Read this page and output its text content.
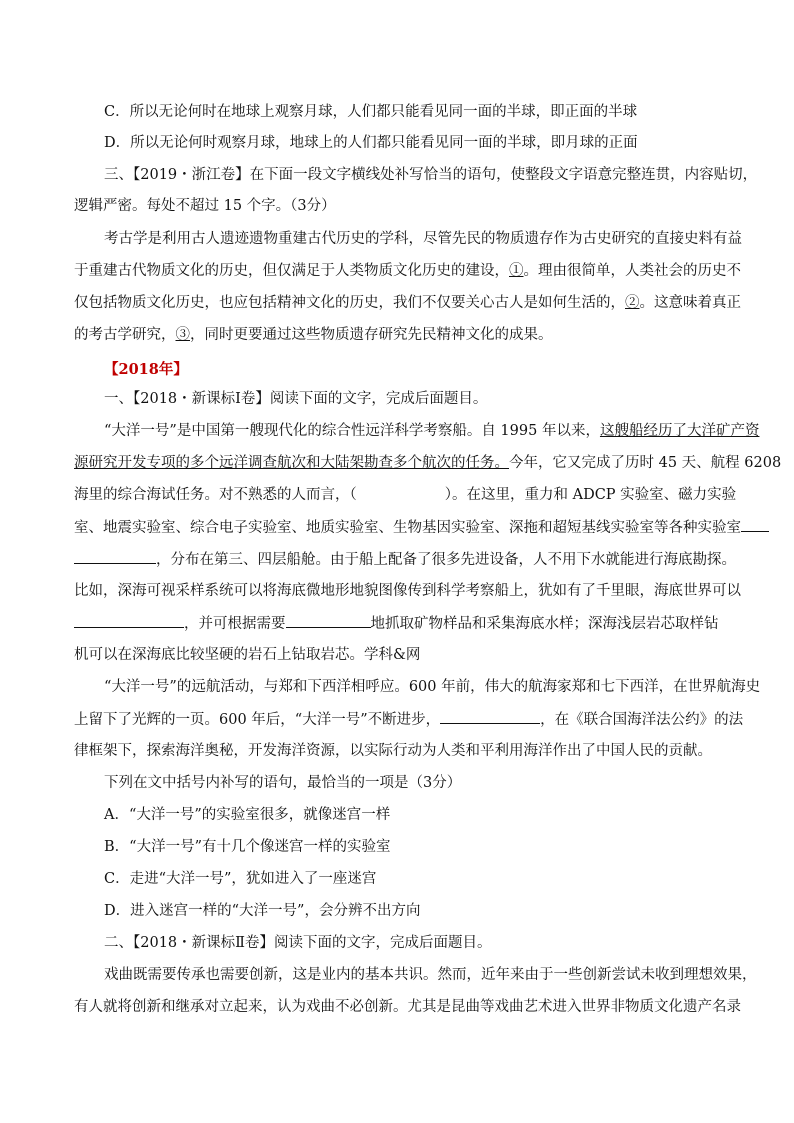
C．所以无论何时在地球上观察月球，人们都只能看见同一面的半球，即正面的半球
D．所以无论何时观察月球，地球上的人们都只能看见同一面的半球，即月球的正面
三、【2019・浙江卷】在下面一段文字横线处补写恰当的语句，使整段文字语意完整连贯，内容贴切，
逻辑严密。每处不超过 15 个字。（3分）
考古学是利用古人遗迹遗物重建古代历史的学科，尽管先民的物质遗存作为古史研究的直接史料有益
于重建古代物质文化的历史，但仅满足于人类物质文化历史的建设，①。理由很简单，人类社会的历史不
仅包括物质文化历史，也应包括精神文化的历史，我们不仅要关心古人是如何生活的，②。这意味着真正
的考古学研究，③，同时更要通过这些物质遗存研究先民精神文化的成果。
【2018年】
一、【2018・新课标Ⅰ卷】阅读下面的文字，完成后面题目。
“大洋一号”是中国第一艘现代化的综合性远洋科学考察船。自 1995 年以来，这艘船经历了大洋矿产资
源研究开发专项的多个远洋调查航次和大陆架勘查多个航次的任务。今年，它又完成了历时 45 天、航程 6208
海里的综合海试任务。对不熟悉的人而言，（	）。在这里，重力和 ADCP 实验室、磁力实验
室、地震实验室、综合电子实验室、地质实验室、生物基因实验室、深拖和超短基线实验室等各种实验室
，分布在第三、四层船舱。由于船上配备了很多先进设备，人不用下水就能进行海底勘探。
比如，深海可视采样系统可以将海底微地形地貌图像传到科学考察船上，犹如有了千里眼，海底世界可以
，并可根据需要	地抓取矿物样品和采集海底水样；深海浅层岩芯取样钻
机可以在深海底比较坚硬的岩石上钻取岩芯。学科&网
“大洋一号”的远航活动，与郑和下西洋相呼应。600 年前，伟大的航海家郑和七下西洋，在世界航海史
上留下了光辉的一页。600 年后，“大洋一号”不断进步，	，在《联合国海洋法公约》的法
律框架下，探索海洋奥秘，开发海洋资源，以实际行动为人类和平利用海洋作出了中国人民的贡献。
下列在文中括号内补写的语句，最恰当的一项是（3分）
A．“大洋一号”的实验室很多，就像迷宫一样
B．“大洋一号”有十几个像迷宫一样的实验室
C．走进“大洋一号”，犹如进入了一座迷宫
D．进入迷宫一样的“大洋一号”，会分辨不出方向
二、【2018・新课标Ⅱ卷】阅读下面的文字，完成后面题目。
戏曲既需要传承也需要创新，这是业内的基本共识。然而，近年来由于一些创新尝试未收到理想效果，
有人就将创新和继承对立起来，认为戏曲不必创新。尤其是昆曲等戏曲艺术进入世界非物质文化遗产名录
